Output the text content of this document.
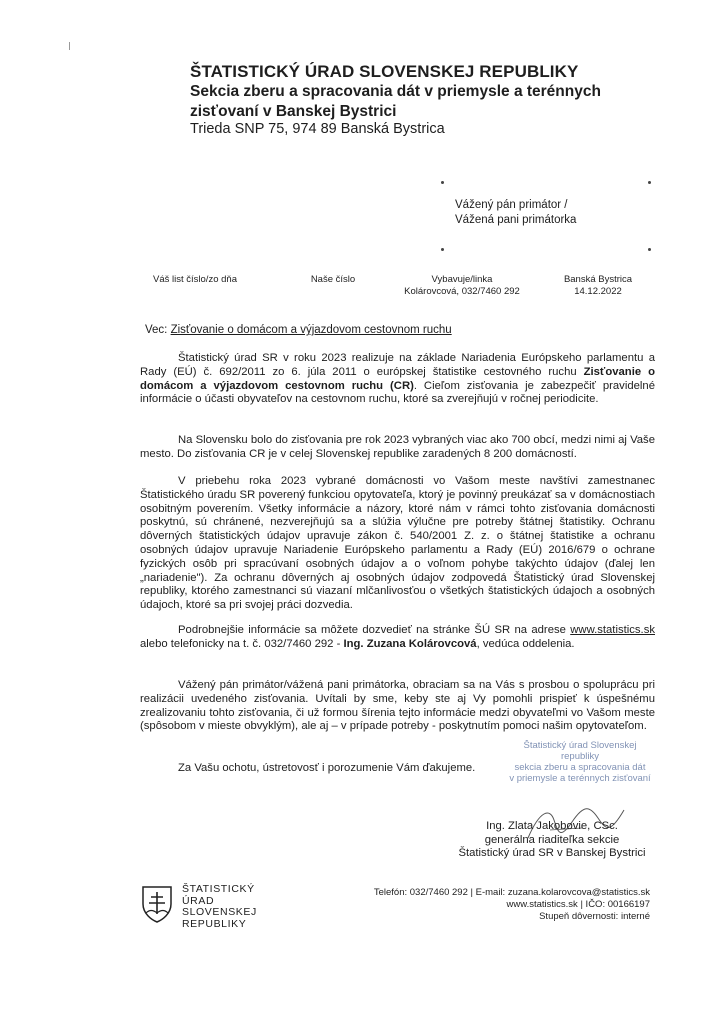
ŠTATISTICKÝ ÚRAD SLOVENSKEJ REPUBLIKY
Sekcia zberu a spracovania dát v priemysle a terénnych zisťovaní v Banskej Bystrici
Trieda SNP 75, 974 89 Banská Bystrica
Vážený pán primátor /
Vážená pani primátorka
Váš list číslo/zo dňa	Naše číslo	Vybavuje/linka
Kolárovcová, 032/7460 292
Banská Bystrica
14.12.2022
Vec: Zisťovanie o domácom a výjazdovom cestovnom ruchu

Štatistický úrad SR v roku 2023 realizuje na základe Nariadenia Európskeho parlamentu a Rady (EÚ) č. 692/2011 zo 6. júla 2011 o európskej štatistike cestovného ruchu Zisťovanie o domácom a výjazdovom cestovnom ruchu (CR). Cieľom zisťovania je zabezpečiť pravidelné informácie o účasti obyvateľov na cestovnom ruchu, ktoré sa zverejňujú v ročnej periodicite.

Na Slovensku bolo do zisťovania pre rok 2023 vybraných viac ako 700 obcí, medzi nimi aj Vaše mesto. Do zisťovania CR je v celej Slovenskej republike zaradených 8 200 domácností.

V priebehu roka 2023 vybrané domácnosti vo Vašom meste navštívi zamestnanec Štatistického úradu SR poverený funkciou opytovateľa, ktorý je povinný preukázať sa v domácnostiach osobitným poverením. Všetky informácie a názory, ktoré nám v rámci tohto zisťovania domácnosti poskytnú, sú chránené, nezverejňujú sa a slúžia výlučne pre potreby štátnej štatistiky. Ochranu dôverných štatistických údajov upravuje zákon č. 540/2001 Z. z. o štátnej štatistike a ochranu osobných údajov upravuje Nariadenie Európskeho parlamentu a Rady (EÚ) 2016/679 o ochrane fyzických osôb pri spracúvaní osobných údajov a o voľnom pohybe takýchto údajov (ďalej len „nariadenie"). Za ochranu dôverných aj osobných údajov zodpovedá Štatistický úrad Slovenskej republiky, ktorého zamestnanci sú viazaní mlčanlivosťou o všetkých štatistických údajoch a osobných údajoch, ktoré sa pri svojej práci dozvedia.

Podrobnejšie informácie sa môžete dozvedieť na stránke ŠÚ SR na adrese www.statistics.sk alebo telefonicky na t. č. 032/7460 292 - Ing. Zuzana Kolárovcová, vedúca oddelenia.

Vážený pán primátor/vážená pani primátorka, obraciam sa na Vás s prosbou o spoluprácu pri realizácii uvedeného zisťovania. Uvítali by sme, keby ste aj Vy pomohli prispieť k úspešnému zrealizovaniu tohto zisťovania, či už formou šírenia tejto informácie medzi obyvateľmi vo Vašom meste (spôsobom v mieste obvyklým), ale aj – v prípade potreby - poskytnutím pomoci našim opytovateľom.

Za Vašu ochotu, ústretovosť i porozumenie Vám ďakujeme.

Štatistický úrad Slovenskej republiky
sekcia zberu a spracovania dát
v priemysle a terénnych zisťovaní
Ing. Zlata Jakobovie, CSc.
generálna riaditeľka sekcie
Štatistický úrad SR v Banskej Bystrici
ŠTATISTICKÝ
ÚRAD
SLOVENSKEJ
REPUBLIKY
Telefón: 032/7460 292 | E-mail: zuzana.kolarovcova@statistics.sk
www.statistics.sk | IČO: 00166197
Stupeň dôvernosti: interné
